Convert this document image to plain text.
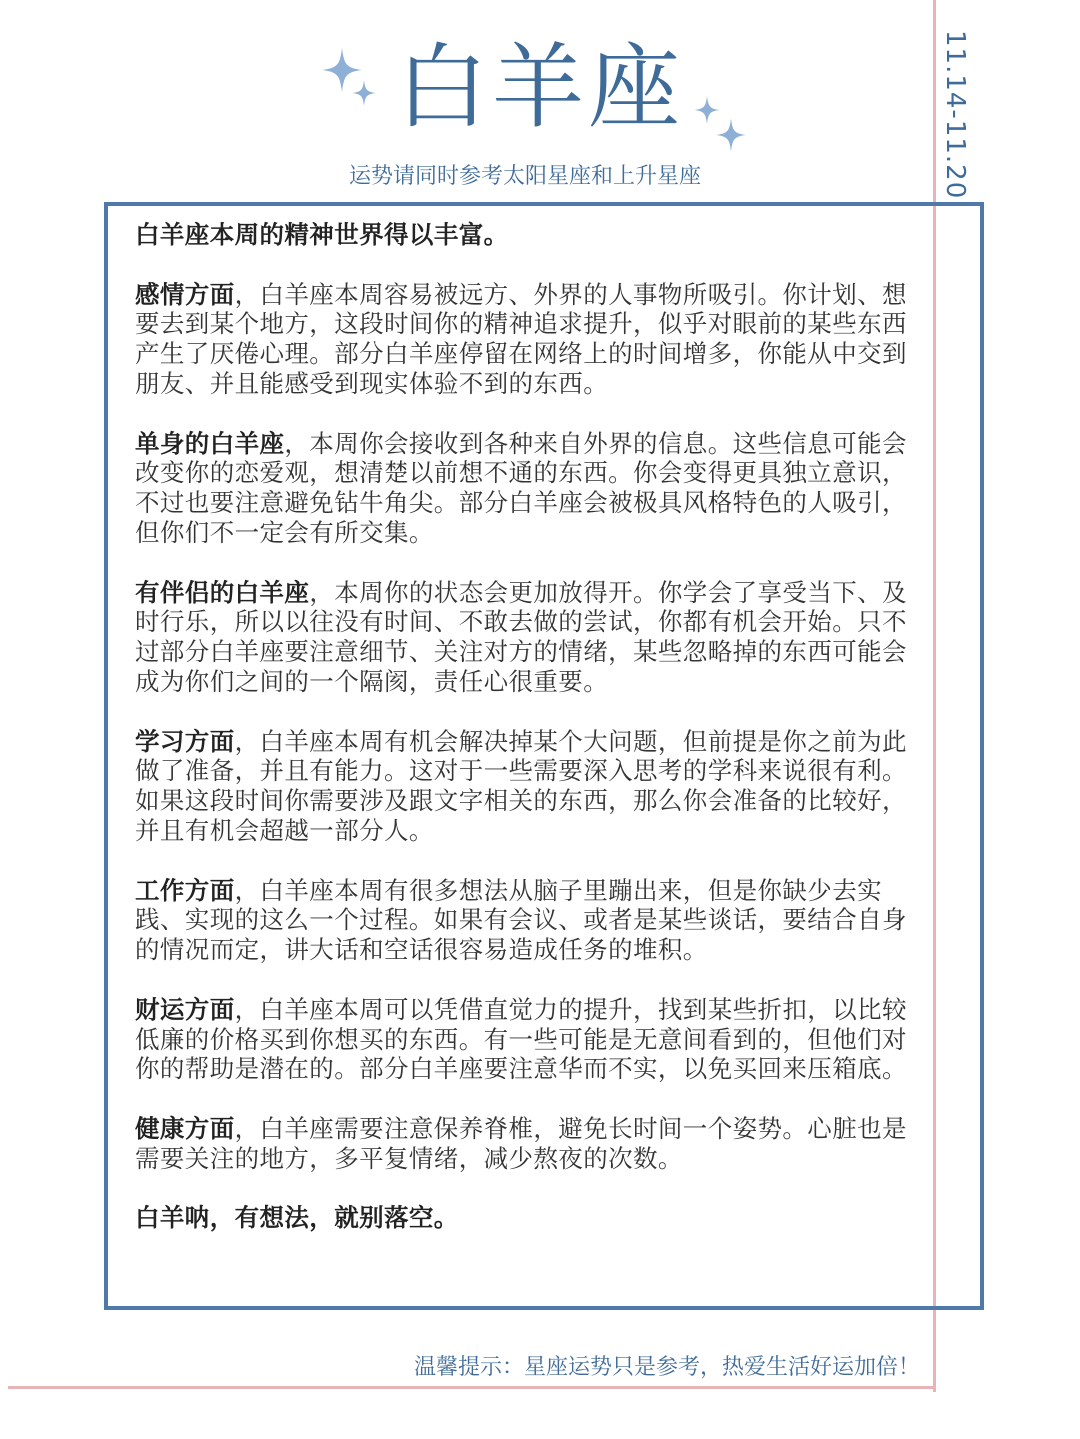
11.14-11.20
白羊座
运势请同时参考太阳星座和上升星座

白羊座本周的精神世界得以丰富。

感情方面，白羊座本周容易被远方、外界的人事物所吸引。你计划、想要去到某个地方，这段时间你的精神追求提升，似乎对眼前的某些东西产生了厌倦心理。部分白羊座停留在网络上的时间增多，你能从中交到朋友、并且能感受到现实体验不到的东西。

单身的白羊座，本周你会接收到各种来自外界的信息。这些信息可能会改变你的恋爱观，想清楚以前想不通的东西。你会变得更具独立意识，不过也要注意避免钻牛角尖。部分白羊座会被极具风格特色的人吸引，但你们不一定会有所交集。

有伴侣的白羊座，本周你的状态会更加放得开。你学会了享受当下、及时行乐，所以以往没有时间、不敢去做的尝试，你都有机会开始。只不过部分白羊座要注意细节、关注对方的情绪，某些忽略掉的东西可能会成为你们之间的一个隔阂，责任心很重要。

学习方面，白羊座本周有机会解决掉某个大问题，但前提是你之前为此做了准备，并且有能力。这对于一些需要深入思考的学科来说很有利。如果这段时间你需要涉及跟文字相关的东西，那么你会准备的比较好，并且有机会超越一部分人。

工作方面，白羊座本周有很多想法从脑子里蹦出来，但是你缺少去实践、实现的这么一个过程。如果有会议、或者是某些谈话，要结合自身的情况而定，讲大话和空话很容易造成任务的堆积。

财运方面，白羊座本周可以凭借直觉力的提升，找到某些折扣，以比较低廉的价格买到你想买的东西。有一些可能是无意间看到的，但他们对你的帮助是潜在的。部分白羊座要注意华而不实，以免买回来压箱底。

健康方面，白羊座需要注意保养脊椎，避免长时间一个姿势。心脏也是需要关注的地方，多平复情绪，减少熬夜的次数。

白羊呐，有想法，就别落空。

温馨提示：星座运势只是参考，热爱生活好运加倍！
